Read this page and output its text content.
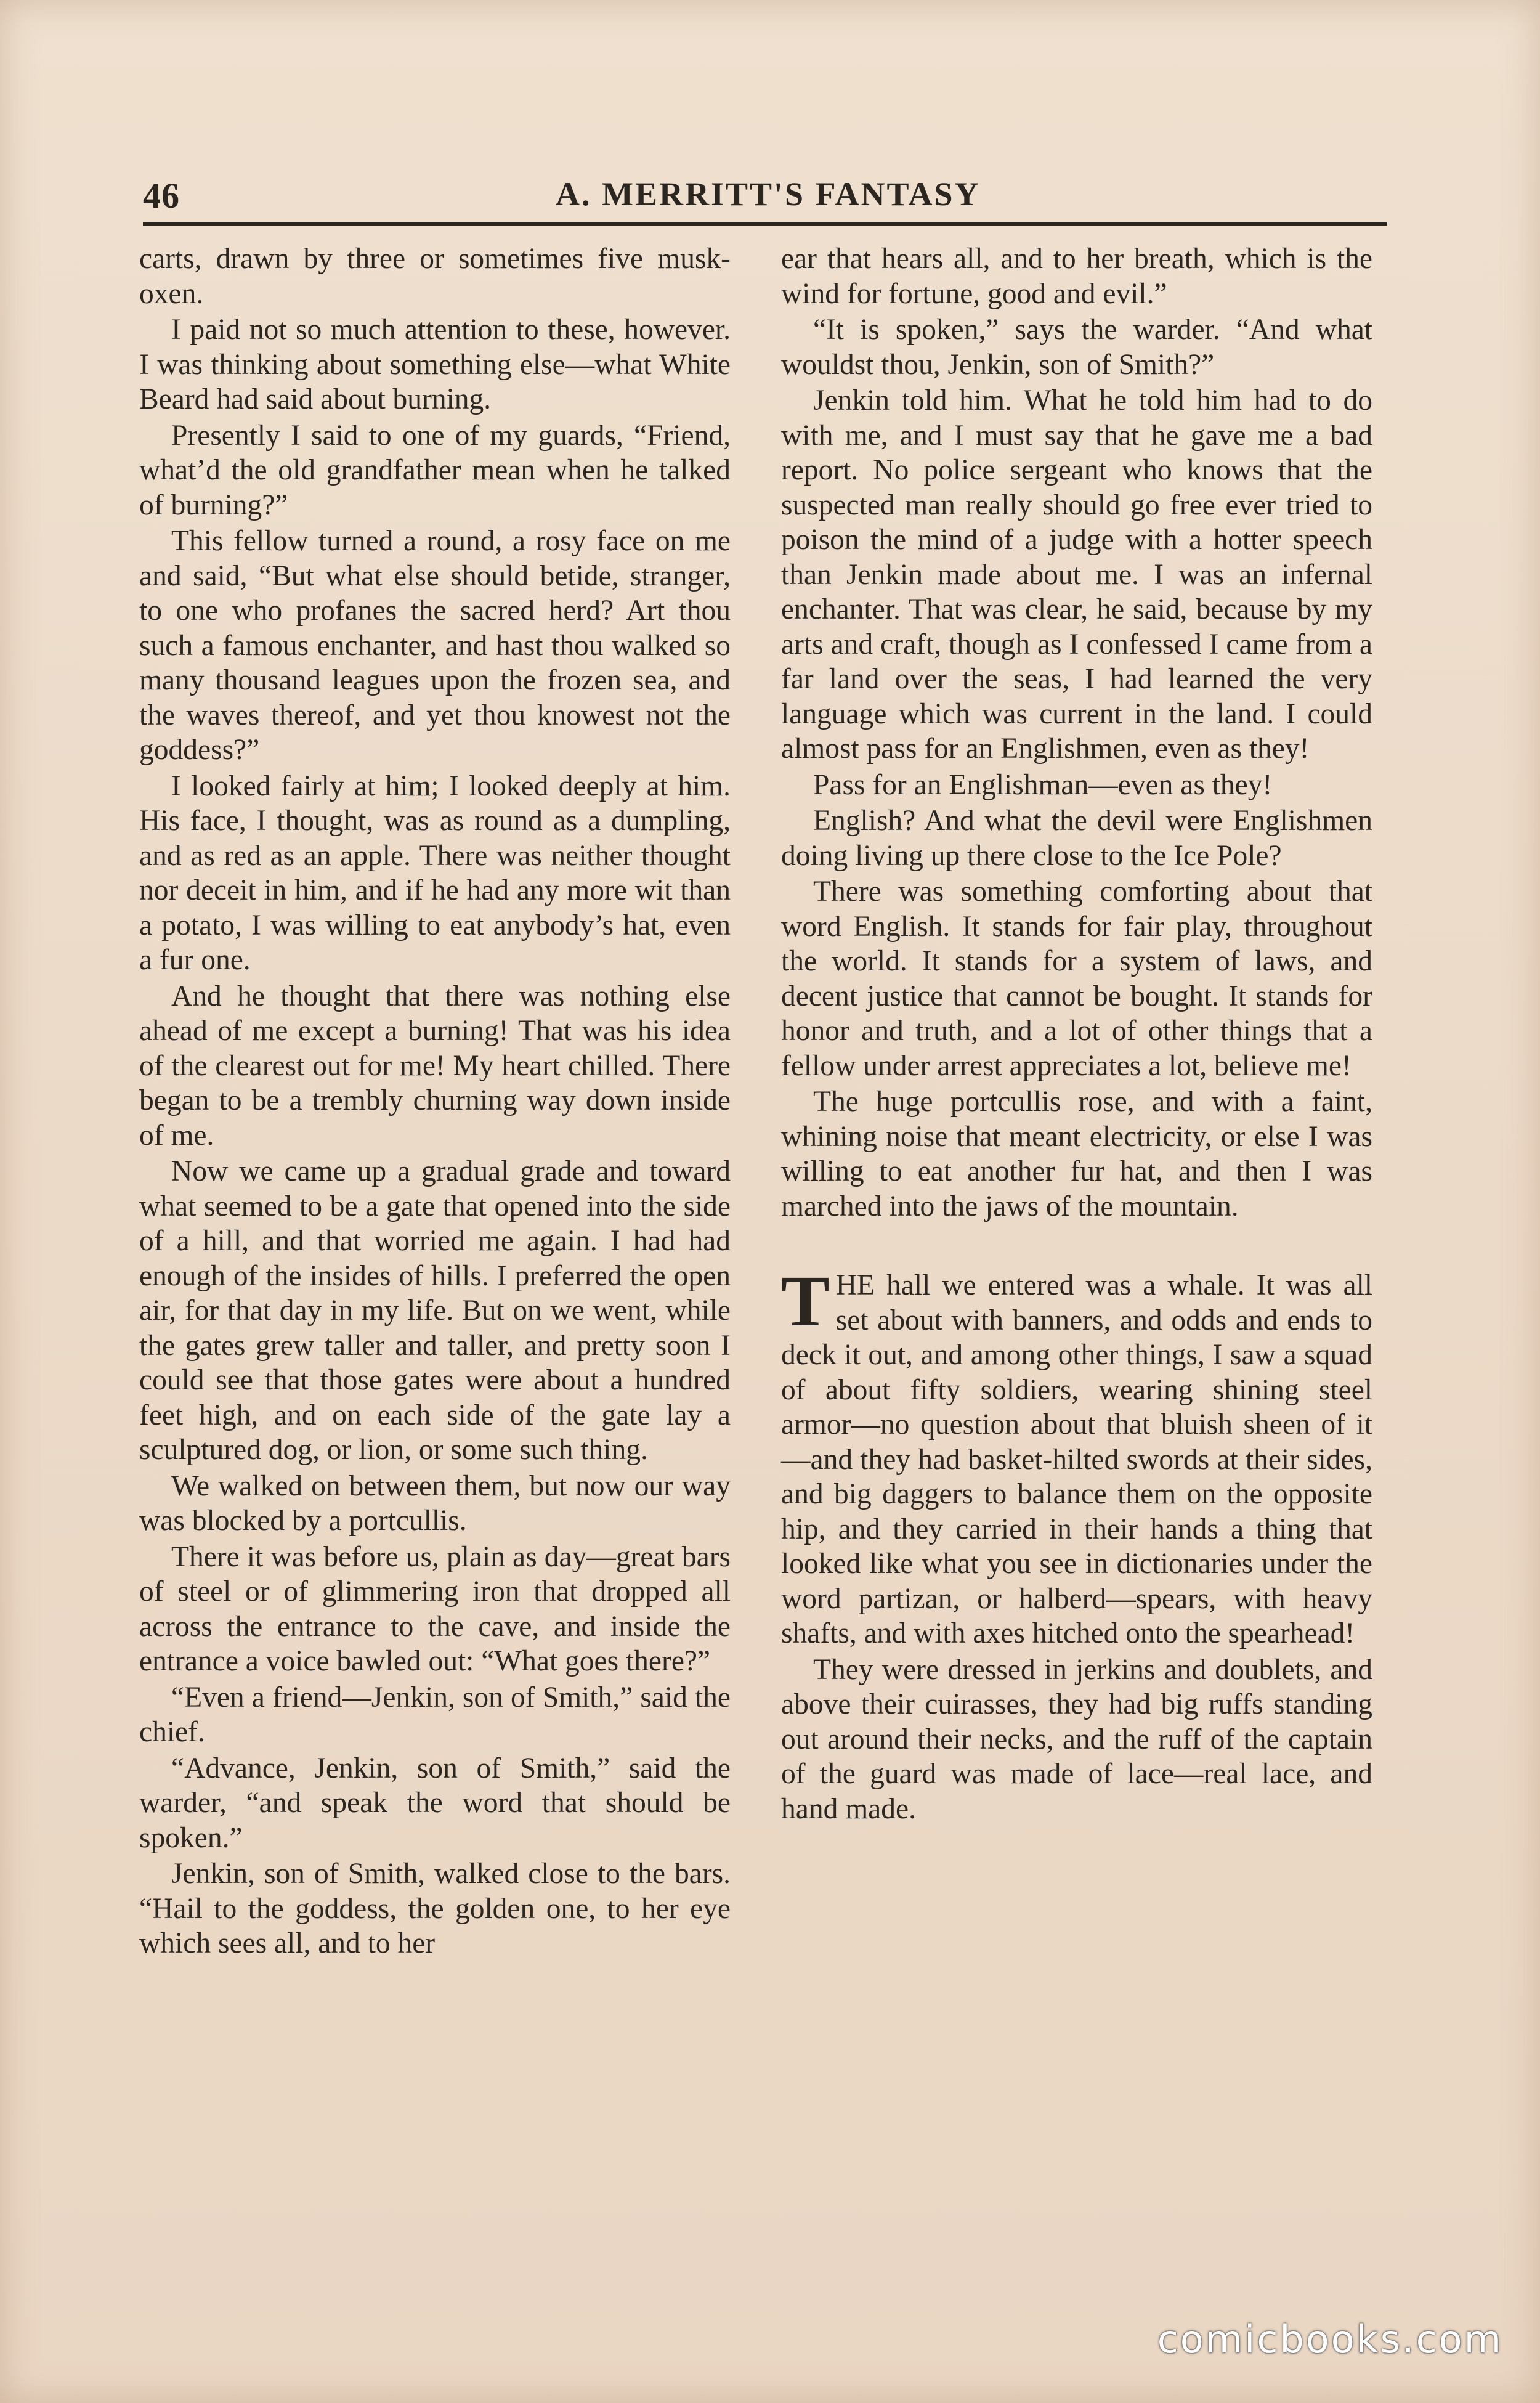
46	A. MERRITT'S FANTASY

carts, drawn by three or sometimes five musk-oxen.

I paid not so much attention to these, however. I was thinking about something else—what White Beard had said about burning.

Presently I said to one of my guards, “Friend, what’d the old grandfather mean when he talked of burning?”

This fellow turned a round, a rosy face on me and said, “But what else should betide, stranger, to one who profanes the sacred herd? Art thou such a famous enchanter, and hast thou walked so many thousand leagues upon the frozen sea, and the waves thereof, and yet thou knowest not the goddess?”

I looked fairly at him; I looked deeply at him. His face, I thought, was as round as a dumpling, and as red as an apple. There was neither thought nor deceit in him, and if he had any more wit than a potato, I was willing to eat anybody’s hat, even a fur one.

And he thought that there was nothing else ahead of me except a burning! That was his idea of the clearest out for me! My heart chilled. There began to be a trembly churning way down inside of me.

Now we came up a gradual grade and toward what seemed to be a gate that opened into the side of a hill, and that worried me again. I had had enough of the insides of hills. I preferred the open air, for that day in my life. But on we went, while the gates grew taller and taller, and pretty soon I could see that those gates were about a hundred feet high, and on each side of the gate lay a sculptured dog, or lion, or some such thing.

We walked on between them, but now our way was blocked by a portcullis.

There it was before us, plain as day—great bars of steel or of glimmering iron that dropped all across the entrance to the cave, and inside the entrance a voice bawled out: “What goes there?”

“Even a friend—Jenkin, son of Smith,” said the chief.

“Advance, Jenkin, son of Smith,” said the warder, “and speak the word that should be spoken.”

Jenkin, son of Smith, walked close to the bars. “Hail to the goddess, the golden one, to her eye which sees all, and to her

ear that hears all, and to her breath, which is the wind for fortune, good and evil.”

“It is spoken,” says the warder. “And what wouldst thou, Jenkin, son of Smith?”

Jenkin told him. What he told him had to do with me, and I must say that he gave me a bad report. No police sergeant who knows that the suspected man really should go free ever tried to poison the mind of a judge with a hotter speech than Jenkin made about me. I was an infernal enchanter. That was clear, he said, because by my arts and craft, though as I confessed I came from a far land over the seas, I had learned the very language which was current in the land. I could almost pass for an Englishmen, even as they!

Pass for an Englishman—even as they!

English? And what the devil were Englishmen doing living up there close to the Ice Pole?

There was something comforting about that word English. It stands for fair play, throughout the world. It stands for a system of laws, and decent justice that cannot be bought. It stands for honor and truth, and a lot of other things that a fellow under arrest appreciates a lot, believe me!

The huge portcullis rose, and with a faint, whining noise that meant electricity, or else I was willing to eat another fur hat, and then I was marched into the jaws of the mountain.

THE hall we entered was a whale. It was all set about with banners, and odds and ends to deck it out, and among other things, I saw a squad of about fifty soldiers, wearing shining steel armor—no question about that bluish sheen of it—and they had basket-hilted swords at their sides, and big daggers to balance them on the opposite hip, and they carried in their hands a thing that looked like what you see in dictionaries under the word partizan, or halberd—spears, with heavy shafts, and with axes hitched onto the spearhead!

They were dressed in jerkins and doublets, and above their cuirasses, they had big ruffs standing out around their necks, and the ruff of the captain of the guard was made of lace—real lace, and hand made.

comicbooks.com
